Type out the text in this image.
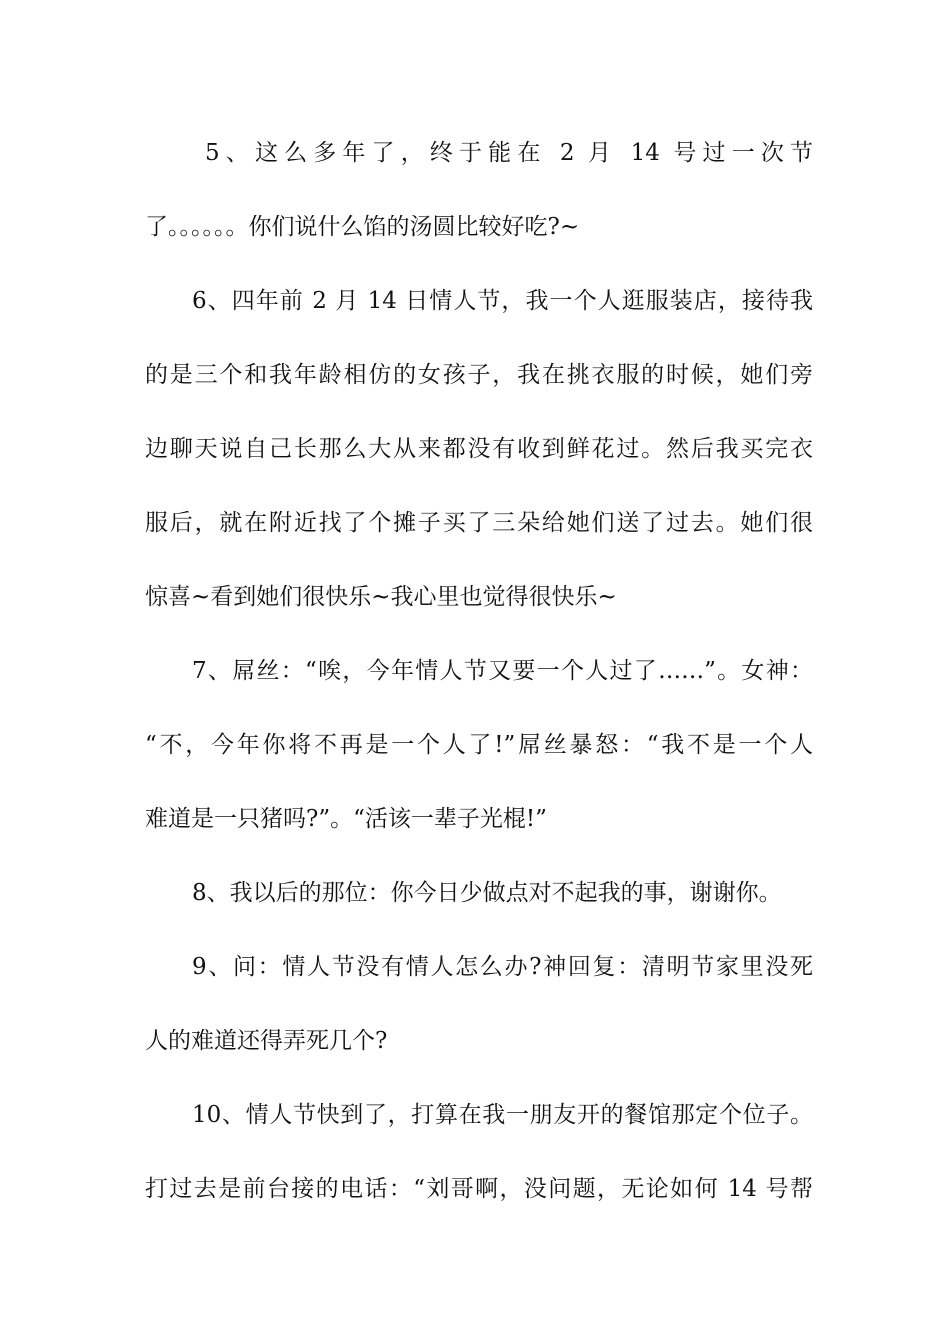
5、这么多年了，终于能在 2 月 14 号过一次节
了。。。。。。你们说什么馅的汤圆比较好吃?~
6、四年前 2 月 14 日情人节，我一个人逛服装店，接待我
的是三个和我年龄相仿的女孩子，我在挑衣服的时候，她们旁
边聊天说自己长那么大从来都没有收到鲜花过。然后我买完衣
服后，就在附近找了个摊子买了三朵给她们送了过去。她们很
惊喜~看到她们很快乐~我心里也觉得很快乐~
7、屌丝：“唉，今年情人节又要一个人过了……”。女神：
“不，今年你将不再是一个人了!”屌丝暴怒：“我不是一个人
难道是一只猪吗?”。“活该一辈子光棍!”
8、我以后的那位：你今日少做点对不起我的事，谢谢你。
9、问：情人节没有情人怎么办?神回复：清明节家里没死
人的难道还得弄死几个?
10、情人节快到了，打算在我一朋友开的餐馆那定个位子。
打过去是前台接的电话：“刘哥啊，没问题，无论如何 14 号帮
